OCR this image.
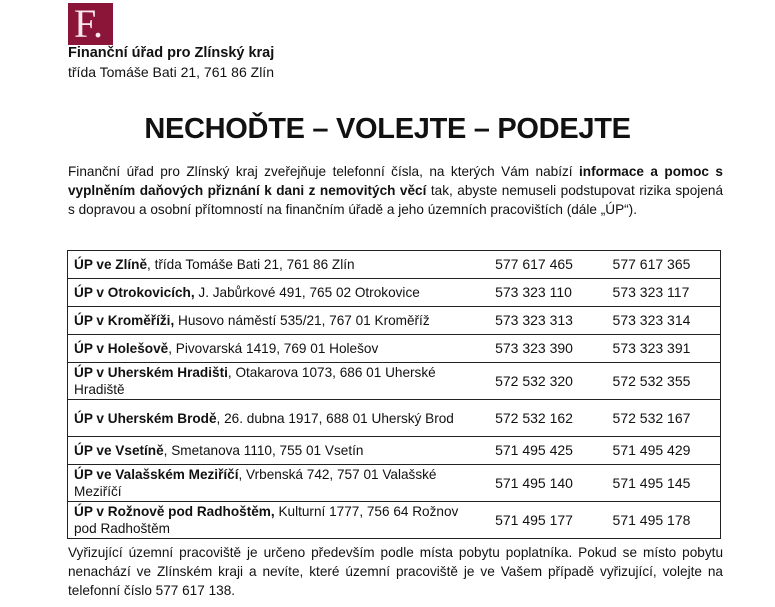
F.
Finanční úřad pro Zlínský kraj
třída Tomáše Bati 21, 761 86 Zlín
NECHOĎTE – VOLEJTE – PODEJTE

Finanční úřad pro Zlínský kraj zveřejňuje telefonní čísla, na kterých Vám nabízí informace a pomoc s vyplněním daňových přiznání k dani z nemovitých věcí tak, abyste nemuseli podstupovat rizika spojená s dopravou a osobní přítomností na finančním úřadě a jeho územních pracovištích (dále „ÚP“).

ÚP ve Zlíně, třída Tomáše Bati 21, 761 86 Zlín	577 617 465	577 617 365
ÚP v Otrokovicích, J. Jabůrkové 491, 765 02 Otrokovice	573 323 110	573 323 117
ÚP v Kroměříži, Husovo náměstí 535/21, 767 01 Kroměříž	573 323 313	573 323 314
ÚP v Holešově, Pivovarská 1419, 769 01 Holešov	573 323 390	573 323 391
ÚP v Uherském Hradišti, Otakarova 1073, 686 01 Uherské Hradiště	572 532 320	572 532 355
ÚP v Uherském Brodě, 26. dubna 1917, 688 01 Uherský Brod	572 532 162	572 532 167
ÚP ve Vsetíně, Smetanova 1110, 755 01 Vsetín	571 495 425	571 495 429
ÚP ve Valašském Meziříčí, Vrbenská 742, 757 01 Valašské Meziříčí	571 495 140	571 495 145
ÚP v Rožnově pod Radhoštěm, Kulturní 1777, 756 64 Rožnov pod Radhoštěm	571 495 177	571 495 178

Vyřizující územní pracoviště je určeno především podle místa pobytu poplatníka. Pokud se místo pobytu nenachází ve Zlínském kraji a nevíte, které územní pracoviště je ve Vašem případě vyřizující, volejte na telefonní číslo 577 617 138.
